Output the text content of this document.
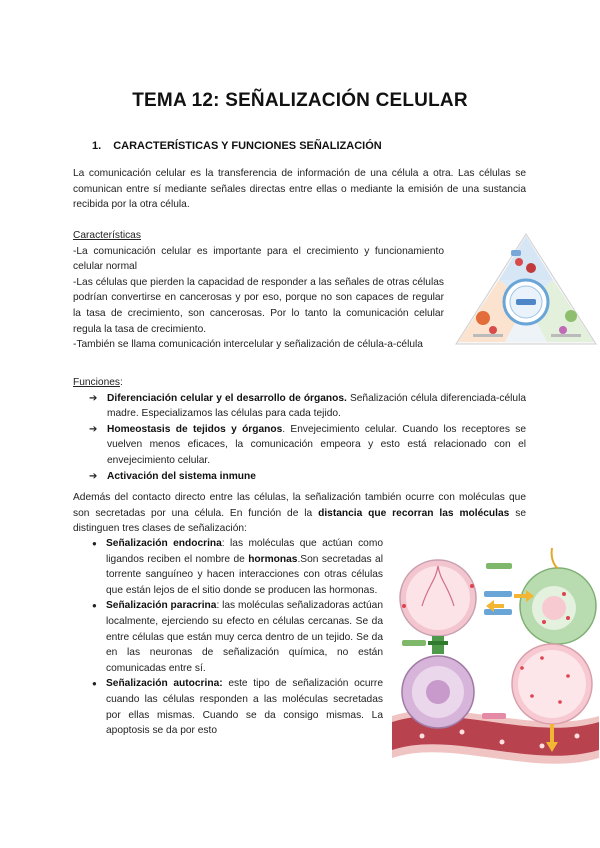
TEMA 12: SEÑALIZACIÓN CELULAR
1. CARACTERÍSTICAS Y FUNCIONES SEÑALIZACIÓN
La comunicación celular es la transferencia de información de una célula a otra. Las células se comunican entre sí mediante señales directas entre ellas o mediante la emisión de una sustancia recibida por la otra célula.
Características
-La comunicación celular es importante para el crecimiento y funcionamiento celular normal
-Las células que pierden la capacidad de responder a las señales de otras células podrían convertirse en cancerosas y por eso, porque no son capaces de regular la tasa de crecimiento, son cancerosas. Por lo tanto la comunicación celular regula la tasa de crecimiento.
-También se llama comunicación intercelular y señalización de célula-a-célula
Funciones:
➔ Diferenciación celular y el desarrollo de órganos. Señalización célula diferenciada-célula madre. Especializamos las células para cada tejido.
➔ Homeostasis de tejidos y órganos. Envejecimiento celular. Cuando los receptores se vuelven menos eficaces, la comunicación empeora y esto está relacionado con el envejecimiento celular.
➔ Activación del sistema inmune
Además del contacto directo entre las células, la señalización también ocurre con moléculas que son secretadas por una célula. En función de la distancia que recorran las moléculas se distinguen tres clases de señalización:
● Señalización endocrina: las moléculas que actúan como ligandos reciben el nombre de hormonas.Son secretadas al torrente sanguíneo y hacen interacciones con otras células que están lejos de el sitio donde se producen las hormonas.
● Señalización paracrina: las moléculas señalizadoras actúan localmente, ejerciendo su efecto en células cercanas. Se da entre células que están muy cerca dentro de un tejido. Se da en las neuronas de señalización química, no están comunicadas entre sí.
● Señalización autocrina: este tipo de señalización ocurre cuando las células responden a las moléculas secretadas por ellas mismas. Cuando se da consigo mismas. La apoptosis se da por esto
